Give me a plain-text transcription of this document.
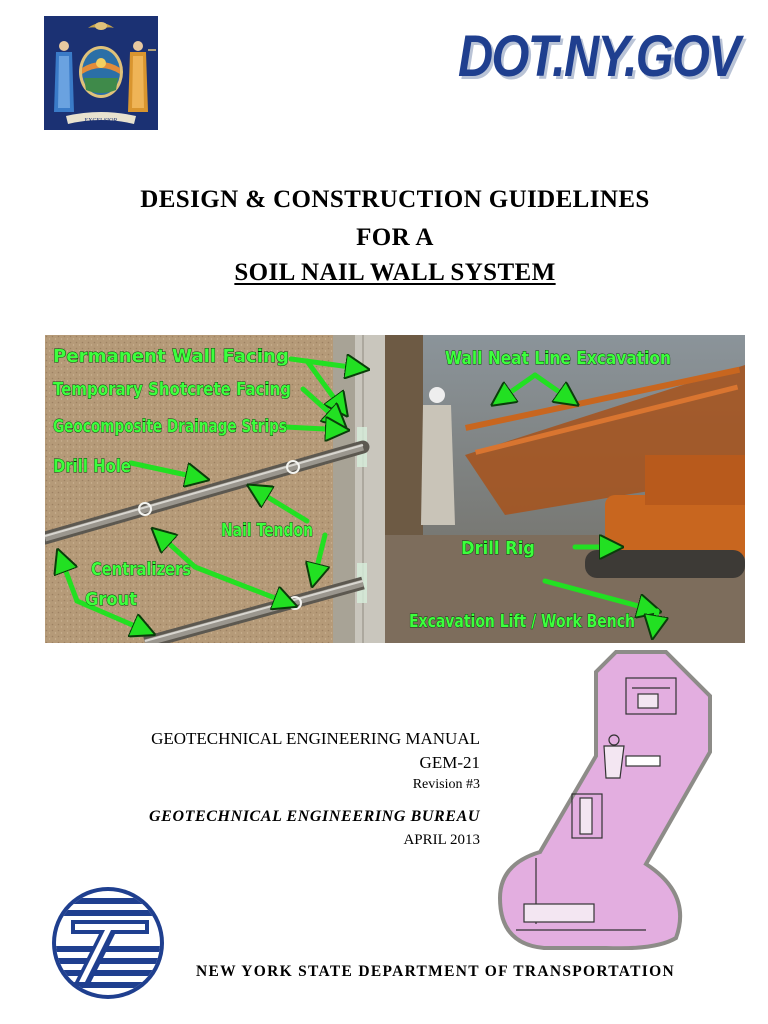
EXCELSIOR
DOT.NY.GOV
DESIGN & CONSTRUCTION GUIDELINES
FOR A
SOIL NAIL WALL SYSTEM
Permanent Wall Facing
Temporary Shotcrete Facing
Geocomposite Drainage Strips
Drill Hole
Nail Tendon
Centralizers
Grout
Wall Neat Line Excavation
Drill Rig
Excavation Lift / Work Bench
GEOTECHNICAL ENGINEERING MANUAL
GEM-21
Revision #3
GEOTECHNICAL ENGINEERING BUREAU
APRIL 2013
NEW YORK STATE DEPARTMENT OF TRANSPORTATION
